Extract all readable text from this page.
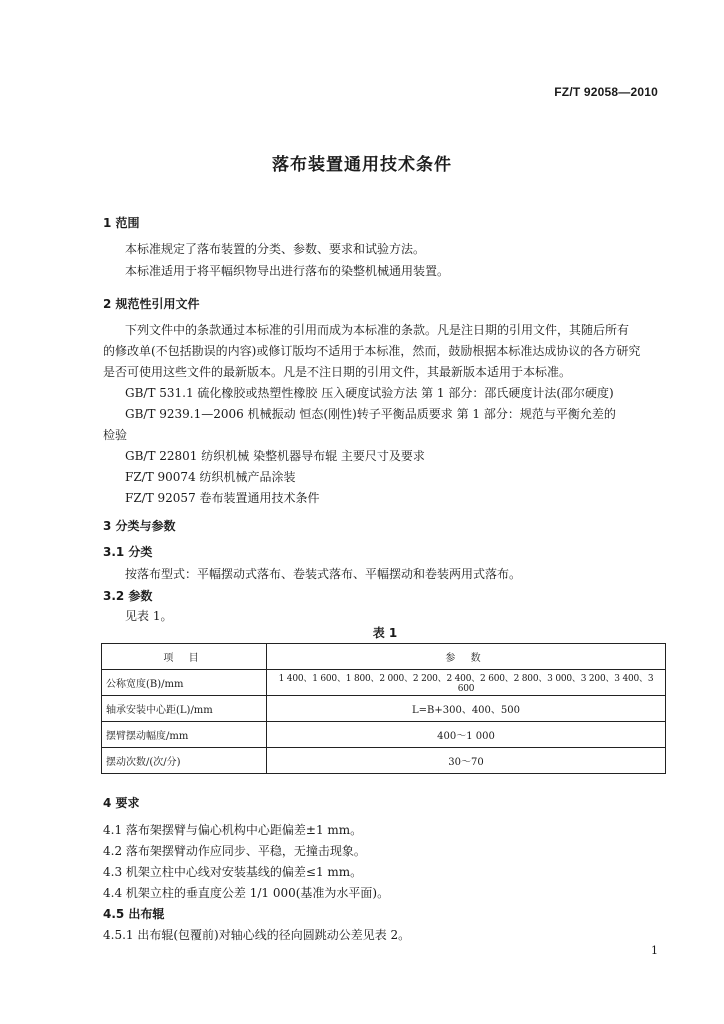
FZ/T 92058—2010
落布装置通用技术条件
1 范围
本标准规定了落布装置的分类、参数、要求和试验方法。
本标准适用于将平幅织物导出进行落布的染整机械通用装置。
2 规范性引用文件
下列文件中的条款通过本标准的引用而成为本标准的条款。凡是注日期的引用文件，其随后所有
的修改单(不包括勘误的内容)或修订版均不适用于本标准，然而，鼓励根据本标准达成协议的各方研究
是否可使用这些文件的最新版本。凡是不注日期的引用文件，其最新版本适用于本标准。
GB/T 531.1 硫化橡胶或热塑性橡胶 压入硬度试验方法 第 1 部分：邵氏硬度计法(邵尔硬度)
GB/T 9239.1—2006 机械振动 恒态(刚性)转子平衡品质要求 第 1 部分：规范与平衡允差的
检验
GB/T 22801 纺织机械 染整机器导布辊 主要尺寸及要求
FZ/T 90074 纺织机械产品涂装
FZ/T 92057 卷布装置通用技术条件
3 分类与参数
3.1 分类
按落布型式：平幅摆动式落布、卷装式落布、平幅摆动和卷装两用式落布。
3.2 参数
见表 1。
表 1
项 目	参 数
公称宽度(B)/mm	1 400、1 600、1 800、2 000、2 200、2 400、2 600、2 800、3 000、3 200、3 400、3 600
轴承安装中心距(L)/mm	L=B+300、400、500
摆臂摆动幅度/mm	400～1 000
摆动次数/(次/分)	30～70
4 要求
4.1 落布架摆臂与偏心机构中心距偏差±1 mm。
4.2 落布架摆臂动作应同步、平稳，无撞击现象。
4.3 机架立柱中心线对安装基线的偏差≤1 mm。
4.4 机架立柱的垂直度公差 1/1 000(基准为水平面)。
4.5 出布辊
4.5.1 出布辊(包覆前)对轴心线的径向圆跳动公差见表 2。
1
